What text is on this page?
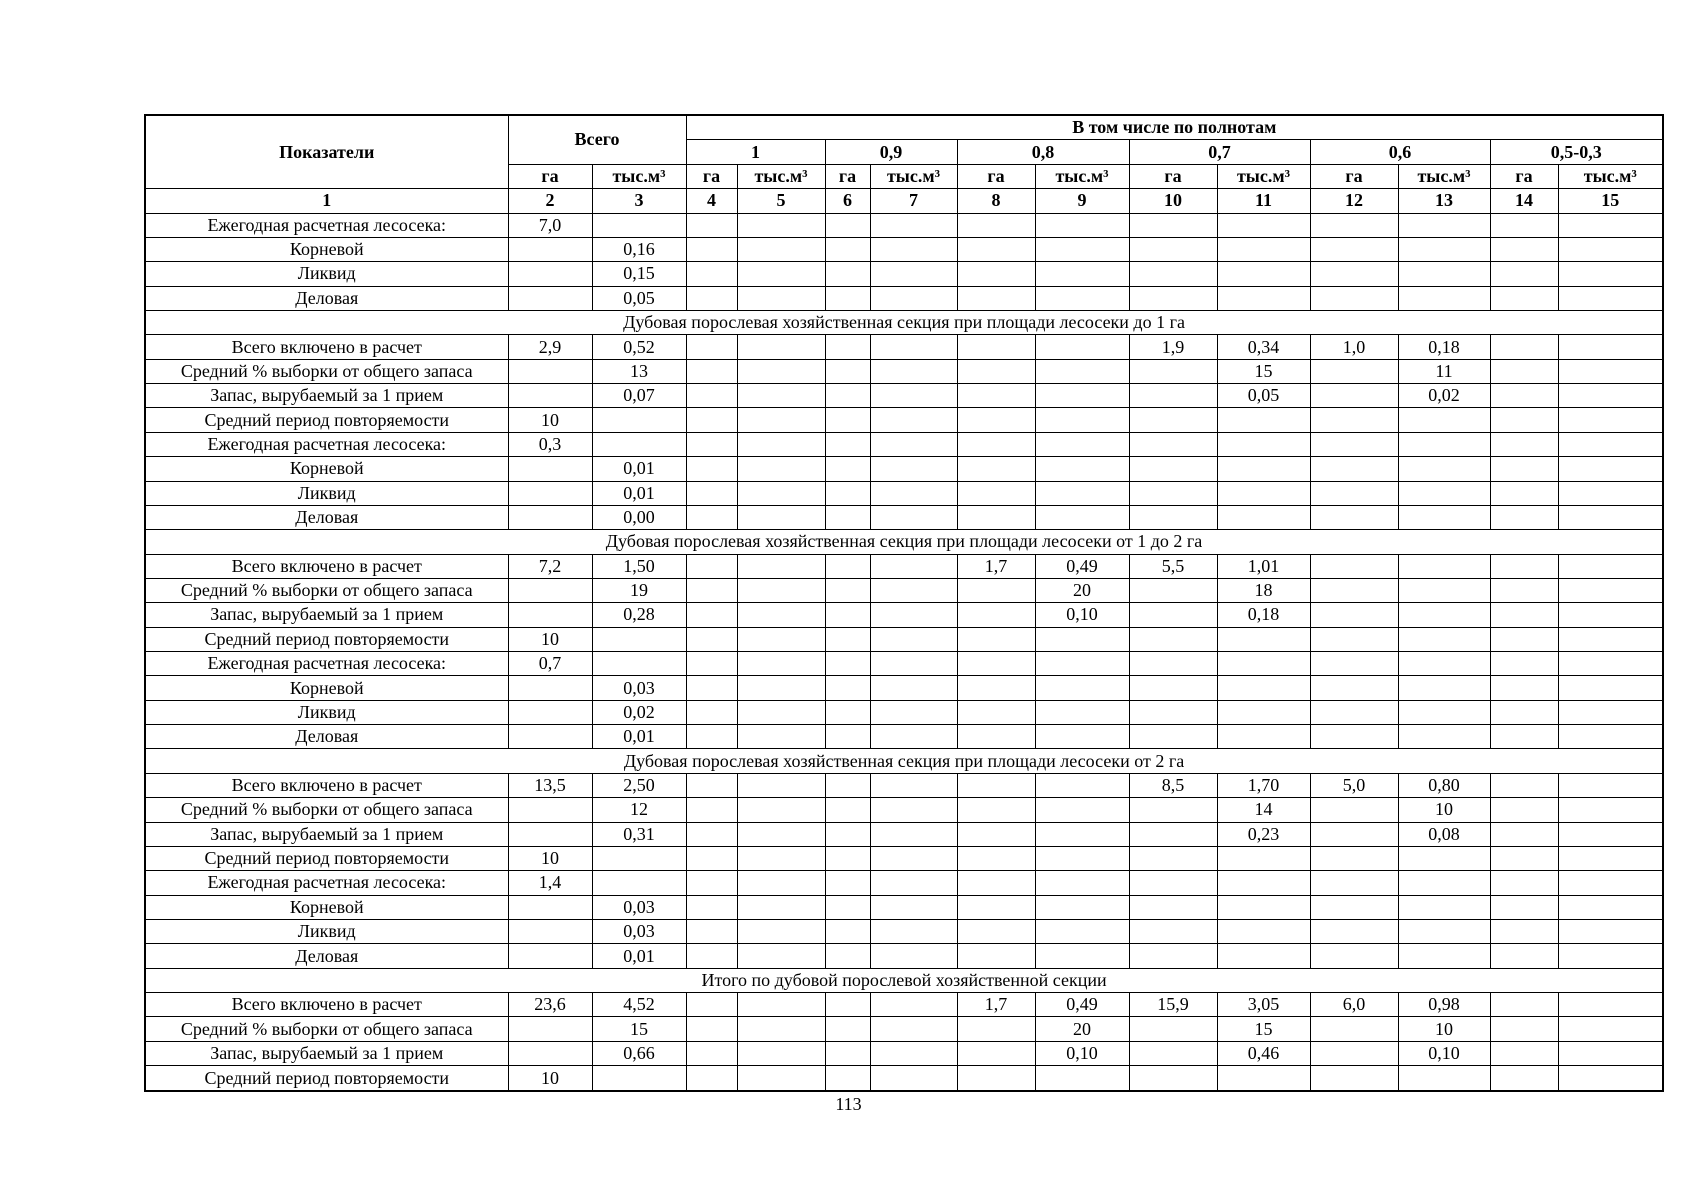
Показатели	Всего		В том числе по полнотам											
			1		0,9		0,8		0,7		0,6		0,5-0,3	
	га	тыс.м³	га	тыс.м³	га	тыс.м³	га	тыс.м³	га	тыс.м³	га	тыс.м³	га	тыс.м³
1	2	3	4	5	6	7	8	9	10	11	12	13	14	15
Ежегодная расчетная лесосека:	7,0													
Корневой		0,16												
Ликвид		0,15												
Деловая		0,05												
Дубовая порослевая хозяйственная секция при площади лесосеки до 1 га														
Всего включено в расчет	2,9	0,52							1,9	0,34	1,0	0,18		
Средний % выборки от общего запаса		13								15		11		
Запас, вырубаемый за 1 прием		0,07								0,05		0,02		
Средний период повторяемости	10													
Ежегодная расчетная лесосека:	0,3													
Корневой		0,01												
Ликвид		0,01												
Деловая		0,00												
Дубовая порослевая хозяйственная секция при площади лесосеки от 1 до 2 га														
Всего включено в расчет	7,2	1,50					1,7	0,49	5,5	1,01				
Средний % выборки от общего запаса		19						20		18				
Запас, вырубаемый за 1 прием		0,28						0,10		0,18				
Средний период повторяемости	10													
Ежегодная расчетная лесосека:	0,7													
Корневой		0,03												
Ликвид		0,02												
Деловая		0,01												
Дубовая порослевая хозяйственная секция при площади лесосеки от 2 га														
Всего включено в расчет	13,5	2,50							8,5	1,70	5,0	0,80		
Средний % выборки от общего запаса		12								14		10		
Запас, вырубаемый за 1 прием		0,31								0,23		0,08		
Средний период повторяемости	10													
Ежегодная расчетная лесосека:	1,4													
Корневой		0,03												
Ликвид		0,03												
Деловая		0,01												
Итого по дубовой порослевой хозяйственной секции														
Всего включено в расчет	23,6	4,52					1,7	0,49	15,9	3,05	6,0	0,98		
Средний % выборки от общего запаса		15						20		15		10		
Запас, вырубаемый за 1 прием		0,66						0,10		0,46		0,10		
Средний период повторяемости	10													
113
